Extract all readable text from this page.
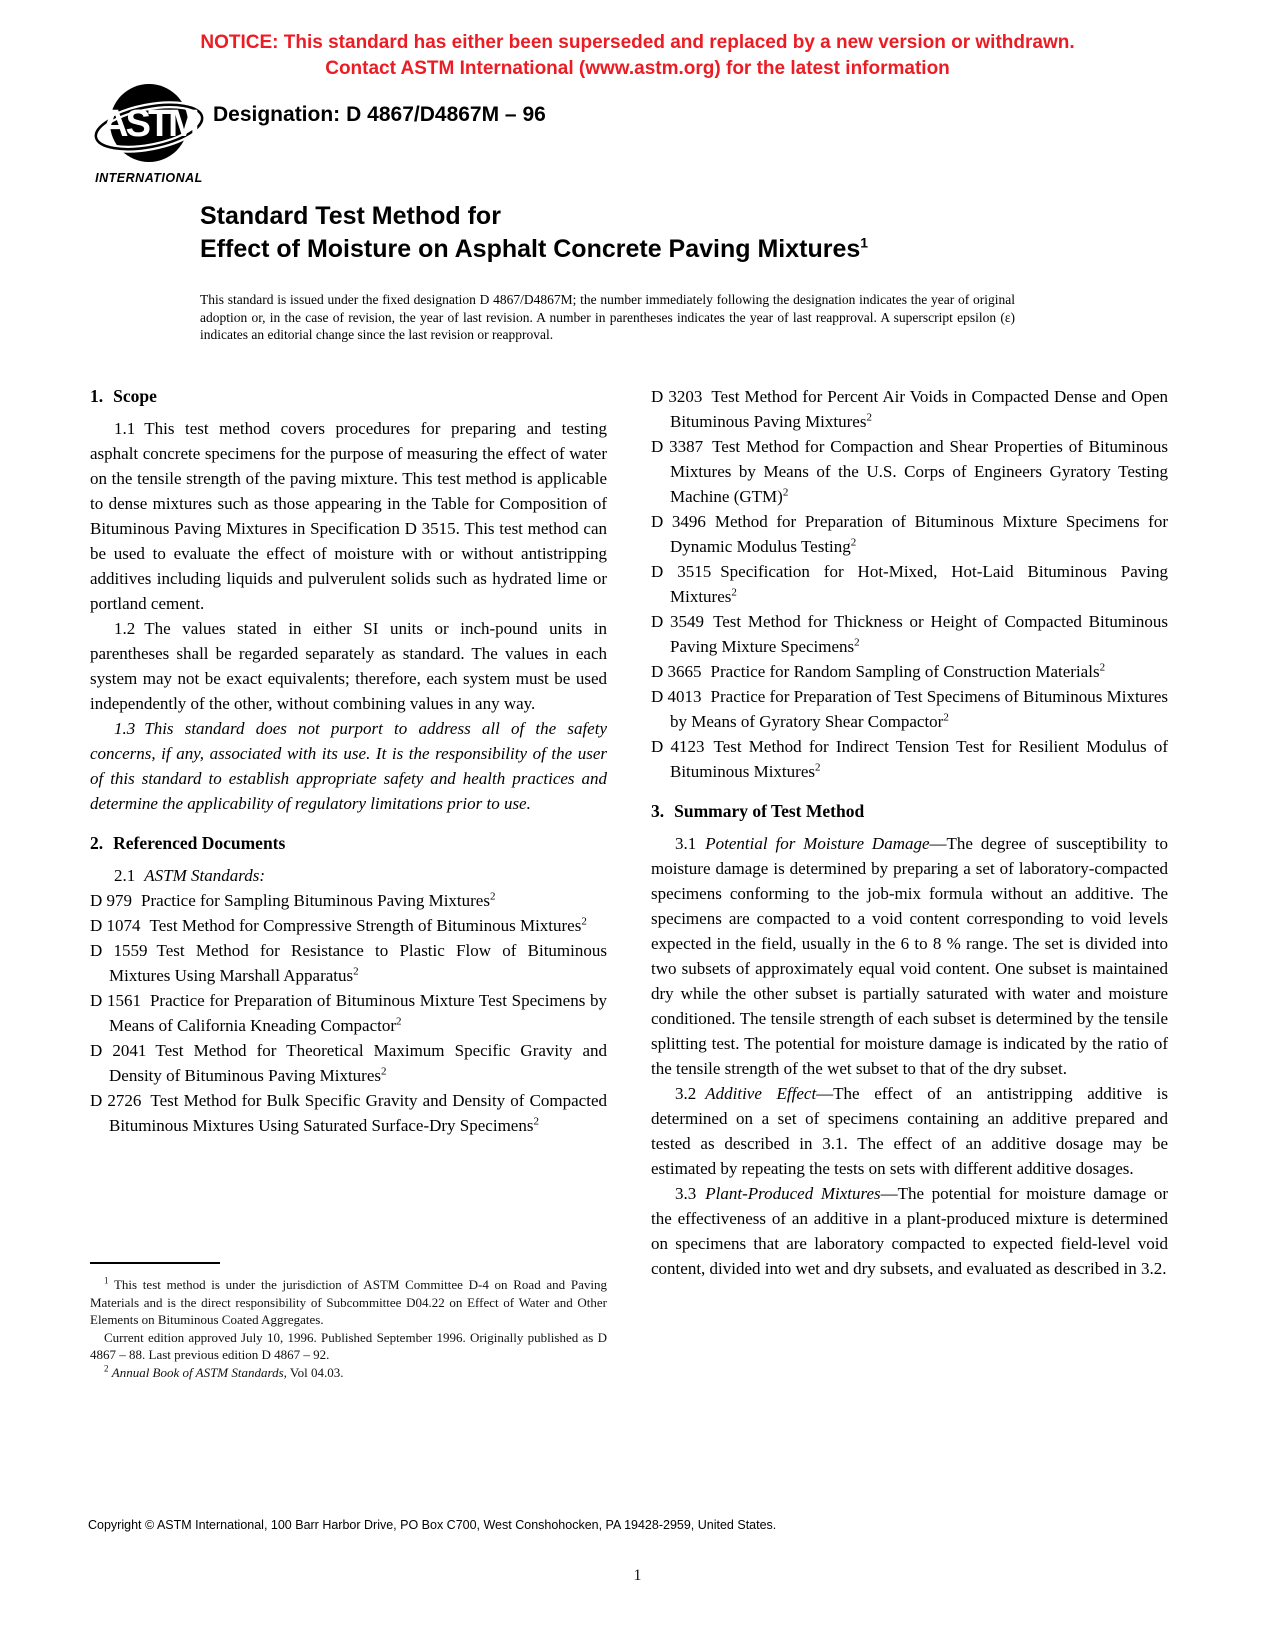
NOTICE: This standard has either been superseded and replaced by a new version or withdrawn.
Contact ASTM International (www.astm.org) for the latest information
ASTM
INTERNATIONAL
Designation: D 4867/D4867M – 96
Standard Test Method for
Effect of Moisture on Asphalt Concrete Paving Mixtures$^1$
This standard is issued under the fixed designation D 4867/D4867M; the number immediately following the designation indicates the year of original adoption or, in the case of revision, the year of last revision. A number in parentheses indicates the year of last reapproval. A superscript epsilon (ε) indicates an editorial change since the last revision or reapproval.
1. Scope

1.1 This test method covers procedures for preparing and testing asphalt concrete specimens for the purpose of measuring the effect of water on the tensile strength of the paving mixture. This test method is applicable to dense mixtures such as those appearing in the Table for Composition of Bituminous Paving Mixtures in Specification D 3515. This test method can be used to evaluate the effect of moisture with or without antistripping additives including liquids and pulverulent solids such as hydrated lime or portland cement.

1.2 The values stated in either SI units or inch-pound units in parentheses shall be regarded separately as standard. The values in each system may not be exact equivalents; therefore, each system must be used independently of the other, without combining values in any way.

1.3 This standard does not purport to address all of the safety concerns, if any, associated with its use. It is the responsibility of the user of this standard to establish appropriate safety and health practices and determine the applicability of regulatory limitations prior to use.

2. Referenced Documents

2.1 ASTM Standards:

D 979 Practice for Sampling Bituminous Paving Mixtures$^2$

D 1074 Test Method for Compressive Strength of Bituminous Mixtures$^2$

D 1559 Test Method for Resistance to Plastic Flow of Bituminous Mixtures Using Marshall Apparatus$^2$

D 1561 Practice for Preparation of Bituminous Mixture Test Specimens by Means of California Kneading Compactor$^2$

D 2041 Test Method for Theoretical Maximum Specific Gravity and Density of Bituminous Paving Mixtures$^2$

D 2726 Test Method for Bulk Specific Gravity and Density of Compacted Bituminous Mixtures Using Saturated Surface-Dry Specimens$^2$

D 3203 Test Method for Percent Air Voids in Compacted Dense and Open Bituminous Paving Mixtures$^2$

D 3387 Test Method for Compaction and Shear Properties of Bituminous Mixtures by Means of the U.S. Corps of Engineers Gyratory Testing Machine (GTM)$^2$

D 3496 Method for Preparation of Bituminous Mixture Specimens for Dynamic Modulus Testing$^2$

D 3515 Specification for Hot-Mixed, Hot-Laid Bituminous Paving Mixtures$^2$

D 3549 Test Method for Thickness or Height of Compacted Bituminous Paving Mixture Specimens$^2$

D 3665 Practice for Random Sampling of Construction Materials$^2$

D 4013 Practice for Preparation of Test Specimens of Bituminous Mixtures by Means of Gyratory Shear Compactor$^2$

D 4123 Test Method for Indirect Tension Test for Resilient Modulus of Bituminous Mixtures$^2$

3. Summary of Test Method

3.1 Potential for Moisture Damage—The degree of susceptibility to moisture damage is determined by preparing a set of laboratory-compacted specimens conforming to the job-mix formula without an additive. The specimens are compacted to a void content corresponding to void levels expected in the field, usually in the 6 to 8 % range. The set is divided into two subsets of approximately equal void content. One subset is maintained dry while the other subset is partially saturated with water and moisture conditioned. The tensile strength of each subset is determined by the tensile splitting test. The potential for moisture damage is indicated by the ratio of the tensile strength of the wet subset to that of the dry subset.

3.2 Additive Effect—The effect of an antistripping additive is determined on a set of specimens containing an additive prepared and tested as described in 3.1. The effect of an additive dosage may be estimated by repeating the tests on sets with different additive dosages.

3.3 Plant-Produced Mixtures—The potential for moisture damage or the effectiveness of an additive in a plant-produced mixture is determined on specimens that are laboratory compacted to expected field-level void content, divided into wet and dry subsets, and evaluated as described in 3.2.

$^1$ This test method is under the jurisdiction of ASTM Committee D-4 on Road and Paving Materials and is the direct responsibility of Subcommittee D04.22 on Effect of Water and Other Elements on Bituminous Coated Aggregates.

Current edition approved July 10, 1996. Published September 1996. Originally published as D 4867 – 88. Last previous edition D 4867 – 92.

$^2$ Annual Book of ASTM Standards, Vol 04.03.

Copyright © ASTM International, 100 Barr Harbor Drive, PO Box C700, West Conshohocken, PA 19428-2959, United States.
1
